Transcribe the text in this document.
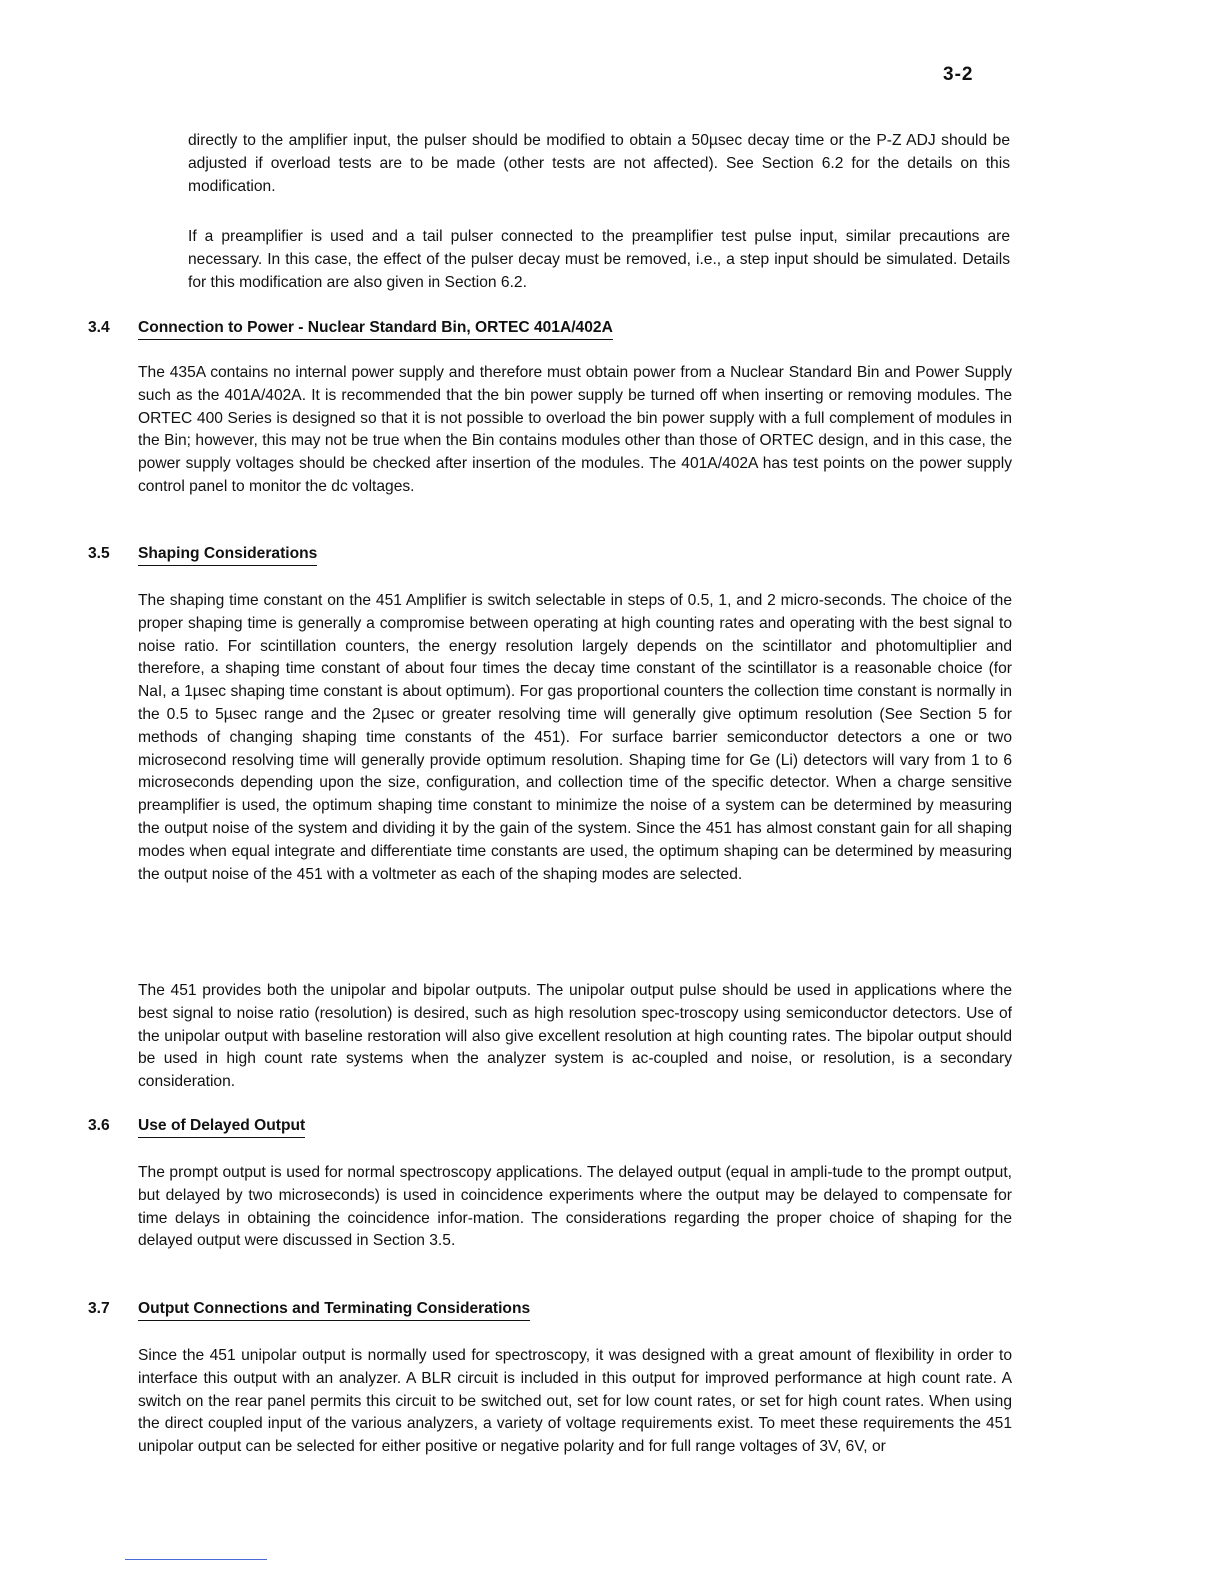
3-2

directly to the amplifier input, the pulser should be modified to obtain a 50µsec decay time or the P-Z ADJ should be adjusted if overload tests are to be made (other tests are not affected). See Section 6.2 for the details on this modification.

If a preamplifier is used and a tail pulser connected to the preamplifier test pulse input, similar precautions are necessary. In this case, the effect of the pulser decay must be removed, i.e., a step input should be simulated. Details for this modification are also given in Section 6.2.

3.4 Connection to Power - Nuclear Standard Bin, ORTEC 401A/402A

The 435A contains no internal power supply and therefore must obtain power from a Nuclear Standard Bin and Power Supply such as the 401A/402A. It is recommended that the bin power supply be turned off when inserting or removing modules. The ORTEC 400 Series is designed so that it is not possible to overload the bin power supply with a full complement of modules in the Bin; however, this may not be true when the Bin contains modules other than those of ORTEC design, and in this case, the power supply voltages should be checked after insertion of the modules. The 401A/402A has test points on the power supply control panel to monitor the dc voltages.

3.5 Shaping Considerations

The shaping time constant on the 451 Amplifier is switch selectable in steps of 0.5, 1, and 2 micro-seconds. The choice of the proper shaping time is generally a compromise between operating at high counting rates and operating with the best signal to noise ratio. For scintillation counters, the energy resolution largely depends on the scintillator and photomultiplier and therefore, a shaping time constant of about four times the decay time constant of the scintillator is a reasonable choice (for NaI, a 1µsec shaping time constant is about optimum). For gas proportional counters the collection time constant is normally in the 0.5 to 5µsec range and the 2µsec or greater resolving time will generally give optimum resolution (See Section 5 for methods of changing shaping time constants of the 451). For surface barrier semiconductor detectors a one or two microsecond resolving time will generally provide optimum resolution. Shaping time for Ge (Li) detectors will vary from 1 to 6 microseconds depending upon the size, configuration, and collection time of the specific detector. When a charge sensitive preamplifier is used, the optimum shaping time constant to minimize the noise of a system can be determined by measuring the output noise of the system and dividing it by the gain of the system. Since the 451 has almost constant gain for all shaping modes when equal integrate and differentiate time constants are used, the optimum shaping can be determined by measuring the output noise of the 451 with a voltmeter as each of the shaping modes are selected.

The 451 provides both the unipolar and bipolar outputs. The unipolar output pulse should be used in applications where the best signal to noise ratio (resolution) is desired, such as high resolution spec-troscopy using semiconductor detectors. Use of the unipolar output with baseline restoration will also give excellent resolution at high counting rates. The bipolar output should be used in high count rate systems when the analyzer system is ac-coupled and noise, or resolution, is a secondary consideration.

3.6 Use of Delayed Output

The prompt output is used for normal spectroscopy applications. The delayed output (equal in ampli-tude to the prompt output, but delayed by two microseconds) is used in coincidence experiments where the output may be delayed to compensate for time delays in obtaining the coincidence infor-mation. The considerations regarding the proper choice of shaping for the delayed output were discussed in Section 3.5.

3.7 Output Connections and Terminating Considerations

Since the 451 unipolar output is normally used for spectroscopy, it was designed with a great amount of flexibility in order to interface this output with an analyzer. A BLR circuit is included in this output for improved performance at high count rate. A switch on the rear panel permits this circuit to be switched out, set for low count rates, or set for high count rates. When using the direct coupled input of the various analyzers, a variety of voltage requirements exist. To meet these requirements the 451 unipolar output can be selected for either positive or negative polarity and for full range voltages of 3V, 6V, or
